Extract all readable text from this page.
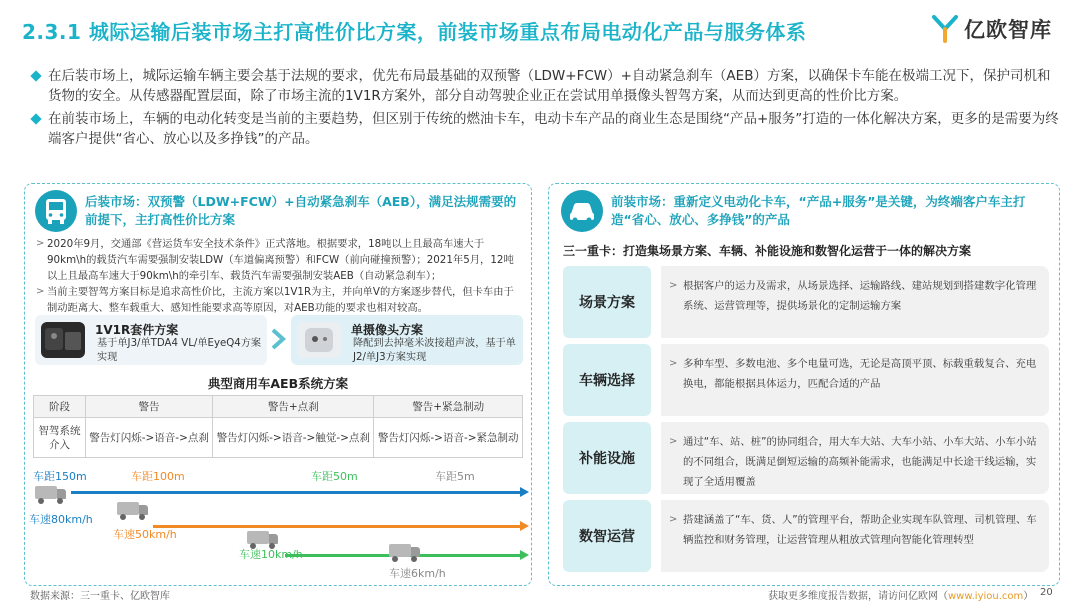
2.3.1 城际运输后装市场主打高性价比方案，前装市场重点布局电动化产品与服务体系	亿欧智库
在后装市场上，城际运输车辆主要会基于法规的要求，优先布局最基础的双预警（LDW+FCW）+自动紧急刹车（AEB）方案，以确保卡车能在极端工况下，保护司机和货物的安全。从传感器配置层面，除了市场主流的1V1R方案外，部分自动驾驶企业正在尝试用单摄像头智驾方案，从而达到更高的性价比方案。
在前装市场上，车辆的电动化转变是当前的主要趋势，但区别于传统的燃油卡车，电动卡车产品的商业生态是围绕“产品+服务”打造的一体化解决方案，更多的是需要为终端客户提供“省心、放心以及多挣钱”的产品。
后装市场：双预警（LDW+FCW）+自动紧急刹车（AEB），满足法规需要的前提下，主打高性价比方案
> 2020年9月，交通部《营运货车安全技术条件》正式落地。根据要求，18吨以上且最高车速大于90km\h的载货汽车需要强制安装LDW（车道偏离预警）和FCW（前向碰撞预警）；2021年5月，12吨以上且最高车速大于90km\h的牵引车、载货汽车需要强制安装AEB（自动紧急刹车）；
> 当前主要智驾方案目标是追求高性价比，主流方案以1V1R为主，并向单V的方案逐步替代，但卡车由于制动距离大、整车载重大、感知性能要求高等原因，对AEB功能的要求也相对较高。
1V1R套件方案
基于单J3/单TDA4 VL/单EyeQ4方案实现
单摄像头方案
降配到去掉毫米波接超声波，基于单J2/单J3方案实现
典型商用车AEB系统方案
阶段	警告	警告+点刹	警告+紧急制动
智驾系统介入	警告灯闪烁->语音->点刹	警告灯闪烁->语音->触觉->点刹	警告灯闪烁->语音->紧急制动
车距150m	车距100m	车距50m	车距5m
车速80km/h
车速50km/h
车速10km/h
车速6km/h
前装市场：重新定义电动化卡车，“产品+服务”是关键，为终端客户车主打造“省心、放心、多挣钱”的产品
三一重卡：打造集场景方案、车辆、补能设施和数智化运营于一体的解决方案
场景方案
> 根据客户的运力及需求，从场景选择、运输路线、建站规划到搭建数字化管理系统、运营管理等，提供场景化的定制运输方案
车辆选择
> 多种车型、多数电池、多个电量可选，无论是高顶平顶、标载重载复合、充电换电，都能根据具体运力，匹配合适的产品
补能设施
> 通过“车、站、桩”的协同组合，用大车大站、大车小站、小车大站、小车小站的不同组合，既满足倒短运输的高频补能需求，也能满足中长途干线运输，实现了全适用覆盖
数智运营
> 搭建涵盖了“车、货、人”的管理平台，帮助企业实现车队管理、司机管理、车辆监控和财务管理，让运营管理从粗放式管理向智能化管理转型
数据来源：三一重卡、亿欧智库	获取更多维度报告数据，请访问亿欧网（www.iyiou.com） 20
